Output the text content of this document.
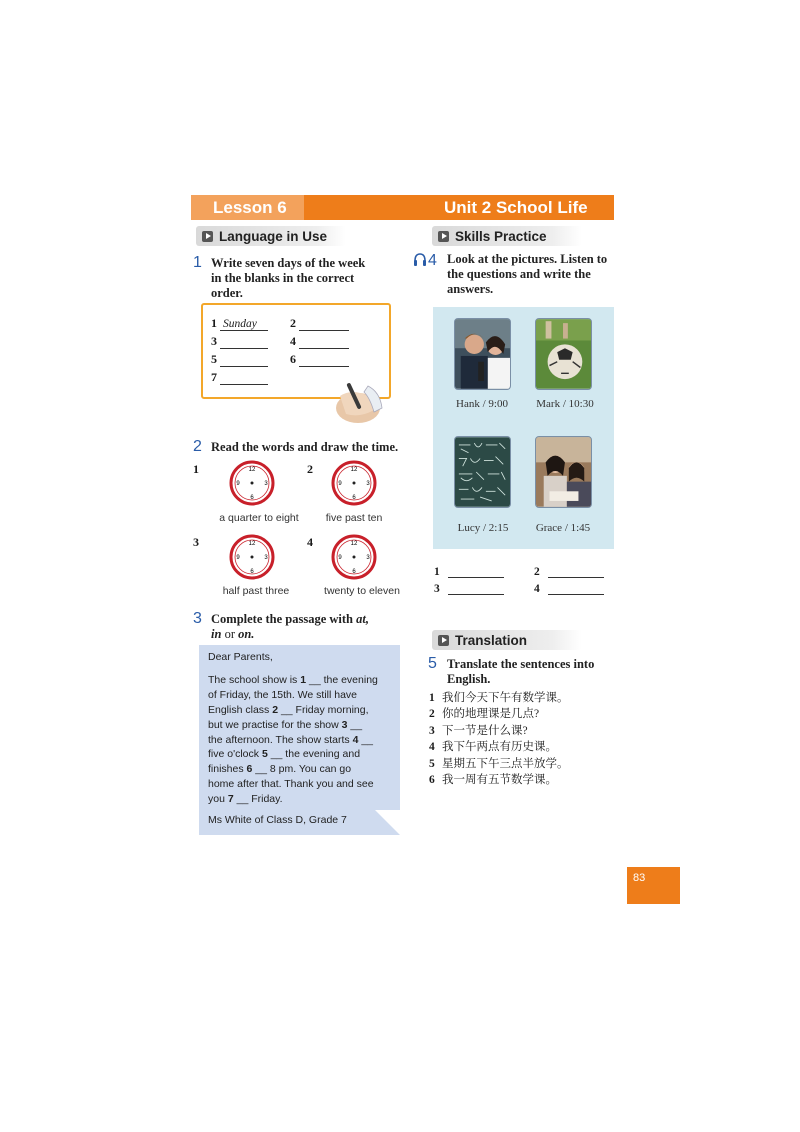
Lesson 6	Unit 2 School Life
Language in Use
1 Write seven days of the week
in the blanks in the correct
order.
1 Sunday	2
3	4
5	6
7
2 Read the words and draw the time.
1	12
3
6
9
a quarter to eight
2	12
3
6
9
five past ten
3	12
3
6
9
half past three
4	12
3
6
9
twenty to eleven
3 Complete the passage with at,
in or on.
Dear Parents,
The school show is 1 __ the evening
of Friday, the 15th. We still have
English class 2 __ Friday morning,
but we practise for the show 3 __
the afternoon. The show starts 4 __
five o'clock 5 __ the evening and
finishes 6 __ 8 pm. You can go
home after that. Thank you and see
you 7 __ Friday.
Ms White of Class D, Grade 7
Skills Practice
4 Look at the pictures. Listen to
the questions and write the
answers.
Hank / 9:00	Mark / 10:30
Lucy / 2:15	Grace / 1:45
1	2
3	4
Translation
5 Translate the sentences into
English.
1 我们今天下午有数学课。
2 你的地理课是几点?
3 下一节是什么课?
4 我下午两点有历史课。
5 星期五下午三点半放学。
6 我一周有五节数学课。
83
